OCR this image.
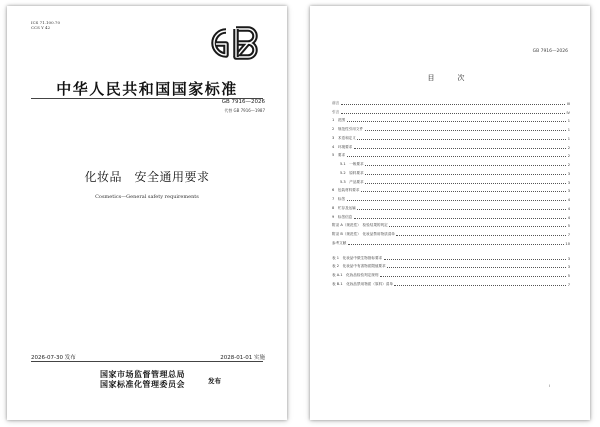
ICS 71.100.70
CCS Y 42
中华人民共和国国家标准
GB 7916—2026
代替 GB 7916—1987
化妆品　安全通用要求
Cosmetics—General safety requirements
2026-07-30 发布	2028-01-01 实施
国家市场监督管理总局
国家标准化管理委员会	发布
GB 7916—2026
目　次
前言	III
引言	IV
1　范围	1
2　规范性引用文件	1
3　术语和定义	1
4　环境要求	2
5　要求	2
5.1　一般要求	2
5.2　原料要求	3
5.3　产品要求	3
6　包装材料要求	3
7　标签	4
8　贮存及运输	4
9　标签信息	4
附录 A（规范性）　检验结果的判定	5
附录 B（规范性）　化妆品禁用物质清单	7
参考文献	10
表 1　化妆品中微生物指标要求	3
表 2　化妆品中有害物质限值要求	3
表 A.1　化妆品检验判定规则	5
表 B.1　化妆品禁用物质（原料）清单	7
I
